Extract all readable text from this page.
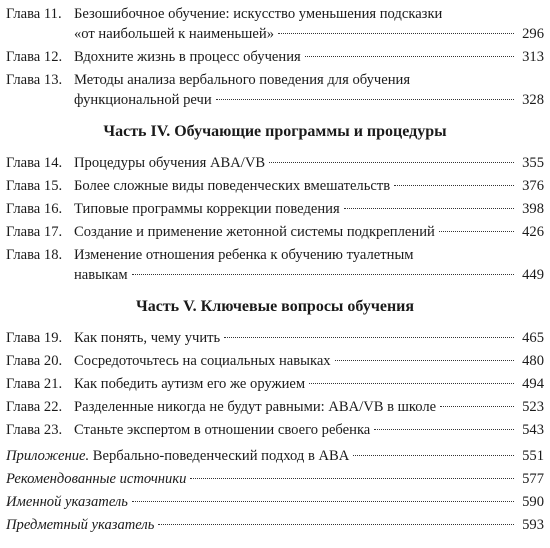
Глава 11. Безошибочное обучение: искусство уменьшения подсказки
«от наибольшей к наименьшей»	296
Глава 12. Вдохните жизнь в процесс обучения	313
Глава 13. Методы анализа вербального поведения для обучения
функциональной речи	328
Часть IV. Обучающие программы и процедуры
Глава 14. Процедуры обучения ABA/VB	355
Глава 15. Более сложные виды поведенческих вмешательств	376
Глава 16. Типовые программы коррекции поведения	398
Глава 17. Создание и применение жетонной системы подкреплений	426
Глава 18. Изменение отношения ребенка к обучению туалетным
навыкам	449
Часть V. Ключевые вопросы обучения
Глава 19. Как понять, чему учить	465
Глава 20. Сосредоточьтесь на социальных навыках	480
Глава 21. Как победить аутизм его же оружием	494
Глава 22. Разделенные никогда не будут равными: ABA/VB в школе	523
Глава 23. Станьте экспертом в отношении своего ребенка	543
Приложение. Вербально-поведенческий подход в ABA	551
Рекомендованные источники	577
Именной указатель	590
Предметный указатель	593
